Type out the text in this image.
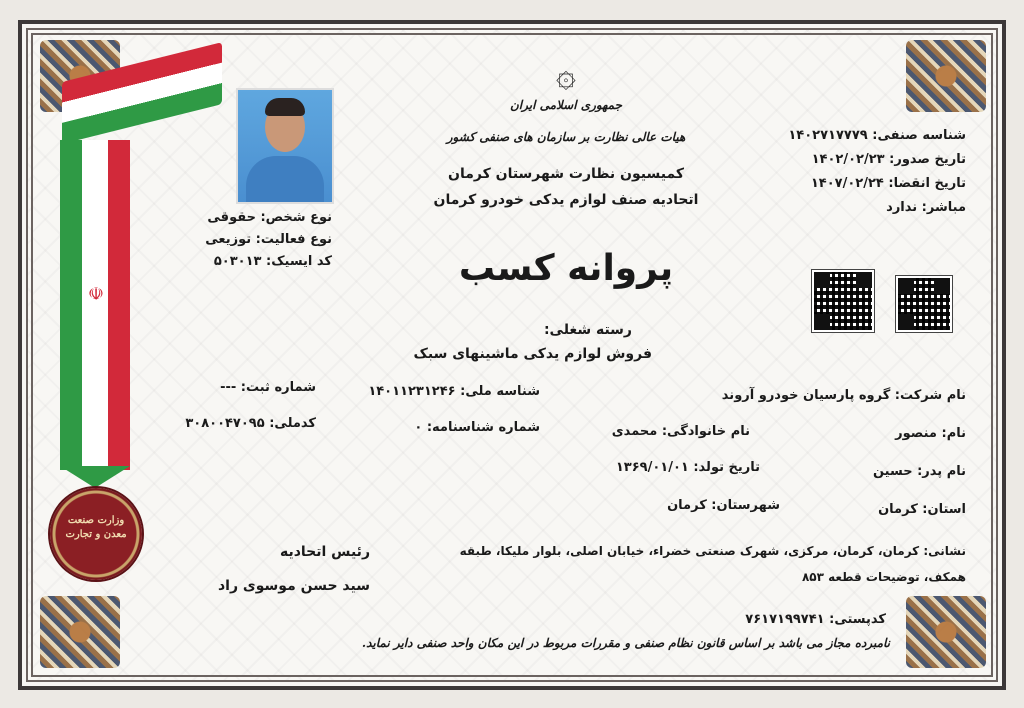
☫
وزارت صنعت معدن و تجارت
۞
جمهوری اسلامی ایران
هیات عالی نظارت بر سازمان های صنفی کشور
کمیسیون نظارت شهرستان کرمان
اتحادیه صنف لوازم یدکی خودرو کرمان
پروانه کسب
نوع شخص: حقوقی
نوع فعالیت: توزیعی
کد ایسیک: ۵۰۳۰۱۳
شناسه صنفی: ۱۴۰۲۷۱۷۷۷۹
تاریخ صدور: ۱۴۰۲/۰۲/۲۳
تاریخ انقضا: ۱۴۰۷/۰۲/۲۴
مباشر: ندارد
رسته شغلی:
فروش لوازم یدکی ماشینهای سبک
نام شرکت: گروه پارسیان خودرو آروند
شناسه ملی: ۱۴۰۱۱۲۳۱۲۴۶
شماره ثبت: ---
نام: منصور
نام خانوادگی: محمدی
شماره شناسنامه: ۰
کدملی: ۳۰۸۰۰۴۷۰۹۵
نام پدر: حسین
تاریخ تولد: ۱۳۶۹/۰۱/۰۱
استان: کرمان
شهرستان: کرمان
نشانی: کرمان، کرمان، مرکزی، شهرک صنعتی خضراء، خیابان اصلی، بلوار ملیکا، طبقه
همکف، توضیحات قطعه ۸۵۳
کدپستی: ۷۶۱۷۱۹۹۷۴۱
رئیس اتحادیه
سید حسن موسوی راد
نامبرده مجاز می باشد بر اساس قانون نظام صنفی و مقررات مربوط در این مکان واحد صنفی دایر نماید.
